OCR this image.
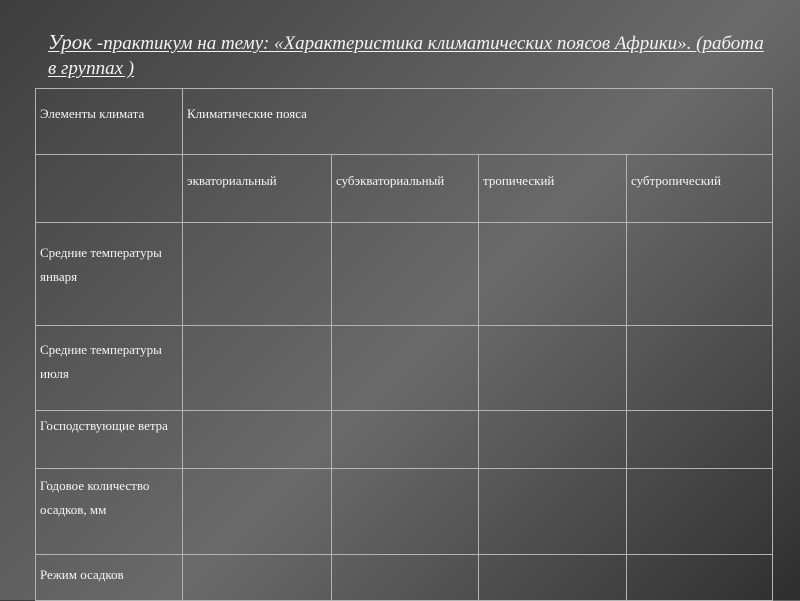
Урок -практикум на тему: «Характеристика климатических поясов Африки». (работа в группах )
Элементы климата	Климатические пояса			
	экваториальный	субэкваториальный	тропический	субтропический
Средние температуры января				
Средние температуры июля				
Господствующие ветра				
Годовое количество осадков, мм				
Режим осадков				
